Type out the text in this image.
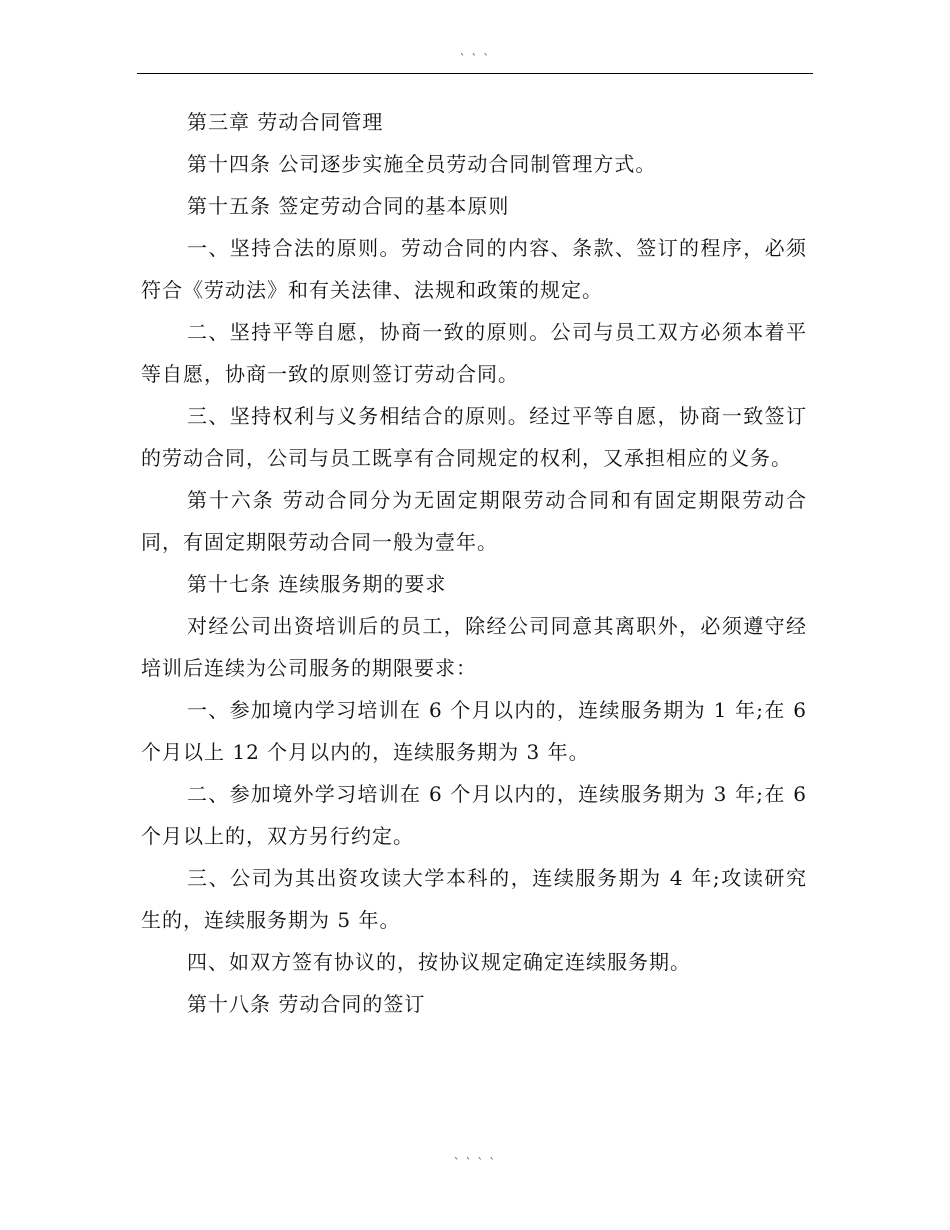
` ` `

第三章 劳动合同管理

第十四条 公司逐步实施全员劳动合同制管理方式。

第十五条 签定劳动合同的基本原则

一、坚持合法的原则。劳动合同的内容、条款、签订的程序，必须符合《劳动法》和有关法律、法规和政策的规定。

二、坚持平等自愿，协商一致的原则。公司与员工双方必须本着平等自愿，协商一致的原则签订劳动合同。

三、坚持权利与义务相结合的原则。经过平等自愿，协商一致签订的劳动合同，公司与员工既享有合同规定的权利，又承担相应的义务。

第十六条 劳动合同分为无固定期限劳动合同和有固定期限劳动合同，有固定期限劳动合同一般为壹年。

第十七条 连续服务期的要求

对经公司出资培训后的员工，除经公司同意其离职外，必须遵守经培训后连续为公司服务的期限要求：

一、参加境内学习培训在 6 个月以内的，连续服务期为 1 年;在 6 个月以上 12 个月以内的，连续服务期为 3 年。

二、参加境外学习培训在 6 个月以内的，连续服务期为 3 年;在 6 个月以上的，双方另行约定。

三、公司为其出资攻读大学本科的，连续服务期为 4 年;攻读研究生的，连续服务期为 5 年。

四、如双方签有协议的，按协议规定确定连续服务期。

第十八条 劳动合同的签订

` ` ` `
